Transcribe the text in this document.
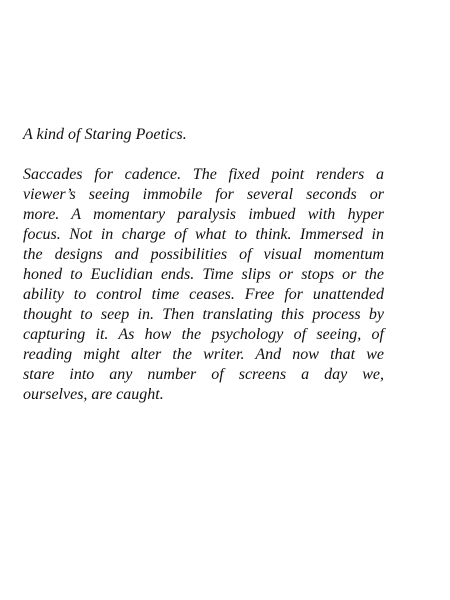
A kind of Staring Poetics.
Saccades for cadence. The fixed point renders a
viewer’s seeing immobile for several seconds or
more. A momentary paralysis imbued with hyper
focus. Not in charge of what to think. Immersed in
the designs and possibilities of visual momentum
honed to Euclidian ends. Time slips or stops or the
ability to control time ceases. Free for unattended
thought to seep in. Then translating this process by
capturing it. As how the psychology of seeing, of
reading might alter the writer. And now that we
stare into any number of screens a day we,
ourselves, are caught.
